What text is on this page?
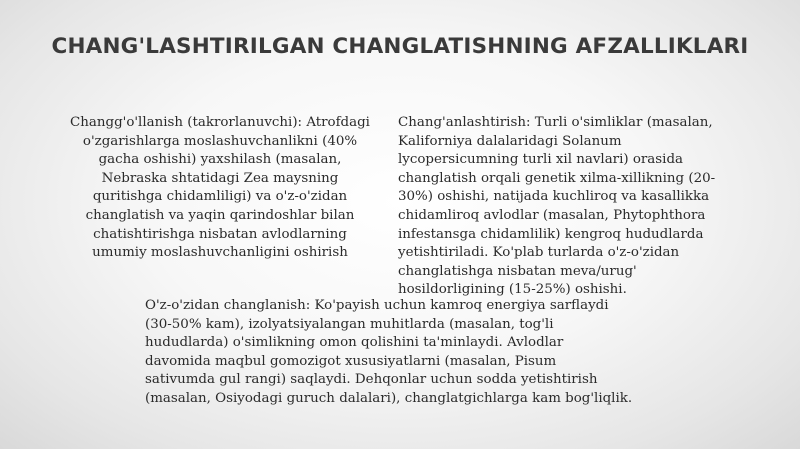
CHANG'LASHTIRILGAN CHANGLATISHNING AFZALLIKLARI
Changg'o'llanish (takrorlanuvchi): Atrofdagi
o'zgarishlarga moslashuvchanlikni (40%
gacha oshishi) yaxshilash (masalan,
Nebraska shtatidagi Zea maysning
quritishga chidamliligi) va o'z-o'zidan
changlatish va yaqin qarindoshlar bilan
chatishtirishga nisbatan avlodlarning
umumiy moslashuvchanligini oshirish
Chang'anlashtirish: Turli o'simliklar (masalan,
Kaliforniya dalalaridagi Solanum
lycopersicumning turli xil navlari) orasida
changlatish orqali genetik xilma-xillikning (20-
30%) oshishi, natijada kuchliroq va kasallikka
chidamliroq avlodlar (masalan, Phytophthora
infestansga chidamlilik) kengroq hududlarda
yetishtiriladi. Ko'plab turlarda o'z-o'zidan
changlatishga nisbatan meva/urug'
hosildorligining (15-25%) oshishi.
O'z-o'zidan changlanish: Ko'payish uchun kamroq energiya sarflaydi
(30-50% kam), izolyatsiyalangan muhitlarda (masalan, tog'li
hududlarda) o'simlikning omon qolishini ta'minlaydi. Avlodlar
davomida maqbul gomozigot xususiyatlarni (masalan, Pisum
sativumda gul rangi) saqlaydi. Dehqonlar uchun sodda yetishtirish
(masalan, Osiyodagi guruch dalalari), changlatgichlarga kam bog'liqlik.
